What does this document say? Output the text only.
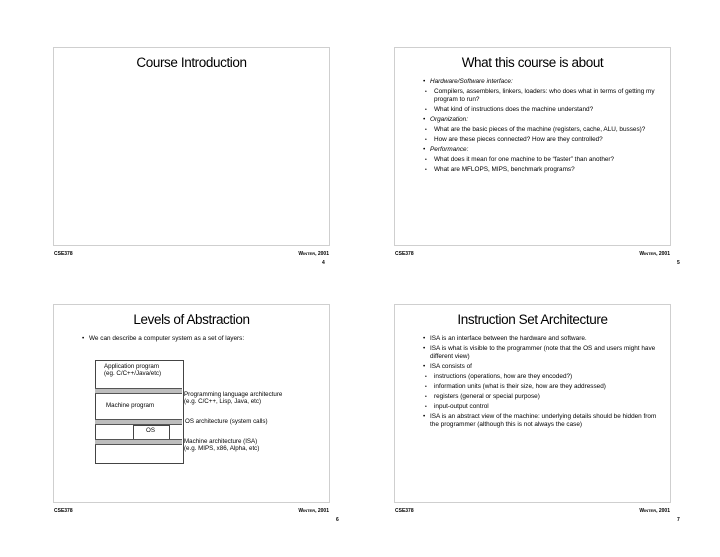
Course Introduction
CSE378	Winter, 2001
4
What this course is about
• Hardware/Software interface:
• Compilers, assemblers, linkers, loaders: who does what in terms of getting my program to run?
• What kind of instructions does the machine understand?
• Organization:
• What are the basic pieces of the machine (registers, cache, ALU, busses)?
• How are these pieces connected? How are they controlled?
• Performance:
• What does it mean for one machine to be “faster” than another?
• What are MFLOPS, MIPS, benchmark programs?
CSE378	Winter, 2001
5
Levels of Abstraction
• We can describe a computer system as a set of layers:
Application program
(eg. C/C++/Java/etc)
Programming language architecture
(e.g. C/C++, Lisp, Java, etc)
Machine program
OS architecture (system calls)
OS
Machine architecture (ISA)
(e.g. MIPS, x86, Alpha, etc)
CSE378	Winter, 2001
6
Instruction Set Architecture
• ISA is an interface between the hardware and software.
• ISA is what is visible to the programmer (note that the OS and users might have different view)
• ISA consists of
• instructions (operations, how are they encoded?)
• information units (what is their size, how are they addressed)
• registers (general or special purpose)
• input-output control
• ISA is an abstract view of the machine: underlying details should be hidden from the programmer (although this is not always the case)
CSE378	Winter, 2001
7
